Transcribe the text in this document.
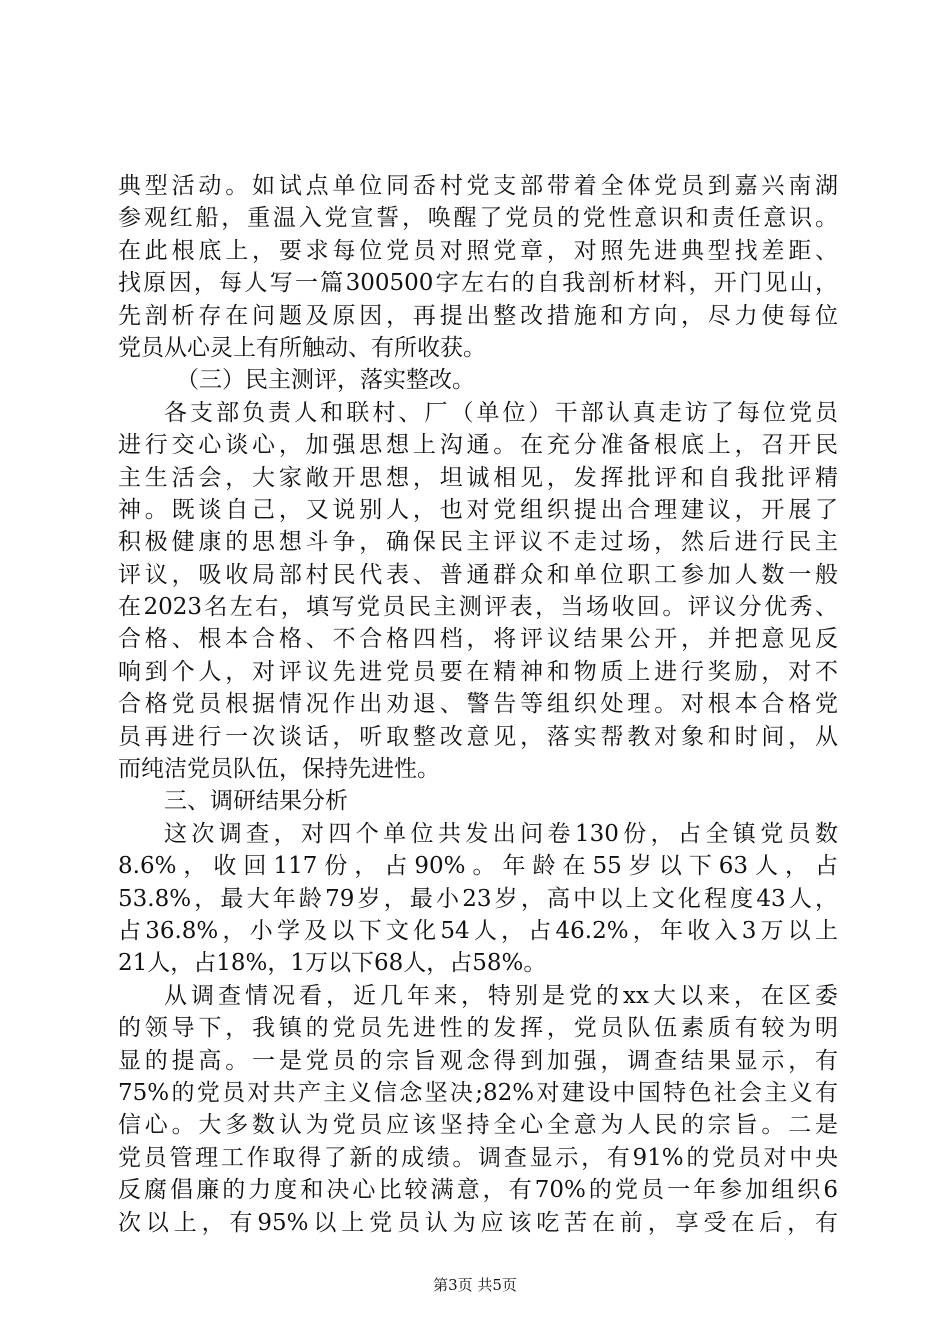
典型活动。如试点单位同岙村党支部带着全体党员到嘉兴南湖
参观红船，重温入党宣誓，唤醒了党员的党性意识和责任意识。
在此根底上，要求每位党员对照党章，对照先进典型找差距、
找原因，每人写一篇300500字左右的自我剖析材料，开门见山，
先剖析存在问题及原因，再提出整改措施和方向，尽力使每位
党员从心灵上有所触动、有所收获。
（三）民主测评，落实整改。
各支部负责人和联村、厂（单位）干部认真走访了每位党员
进行交心谈心，加强思想上沟通。在充分准备根底上，召开民
主生活会，大家敞开思想，坦诚相见，发挥批评和自我批评精
神。既谈自己，又说别人，也对党组织提出合理建议，开展了
积极健康的思想斗争，确保民主评议不走过场，然后进行民主
评议，吸收局部村民代表、普通群众和单位职工参加人数一般
在2023名左右，填写党员民主测评表，当场收回。评议分优秀、
合格、根本合格、不合格四档，将评议结果公开，并把意见反
响到个人，对评议先进党员要在精神和物质上进行奖励，对不
合格党员根据情况作出劝退、警告等组织处理。对根本合格党
员再进行一次谈话，听取整改意见，落实帮教对象和时间，从
而纯洁党员队伍，保持先进性。
三、调研结果分析
这次调查，对四个单位共发出问卷130份，占全镇党员数
8.6%，收回117份，占90%。年龄在55岁以下63人，占
53.8%，最大年龄79岁，最小23岁，高中以上文化程度43人，
占36.8%，小学及以下文化54人，占46.2%，年收入3万以上
21人，占18%，1万以下68人，占58%。
从调查情况看，近几年来，特别是党的xx大以来，在区委
的领导下，我镇的党员先进性的发挥，党员队伍素质有较为明
显的提高。一是党员的宗旨观念得到加强，调查结果显示，有
75%的党员对共产主义信念坚决;82%对建设中国特色社会主义有
信心。大多数认为党员应该坚持全心全意为人民的宗旨。二是
党员管理工作取得了新的成绩。调查显示，有91%的党员对中央
反腐倡廉的力度和决心比较满意，有70%的党员一年参加组织6
次以上，有95%以上党员认为应该吃苦在前，享受在后，有
第3页 共5页
